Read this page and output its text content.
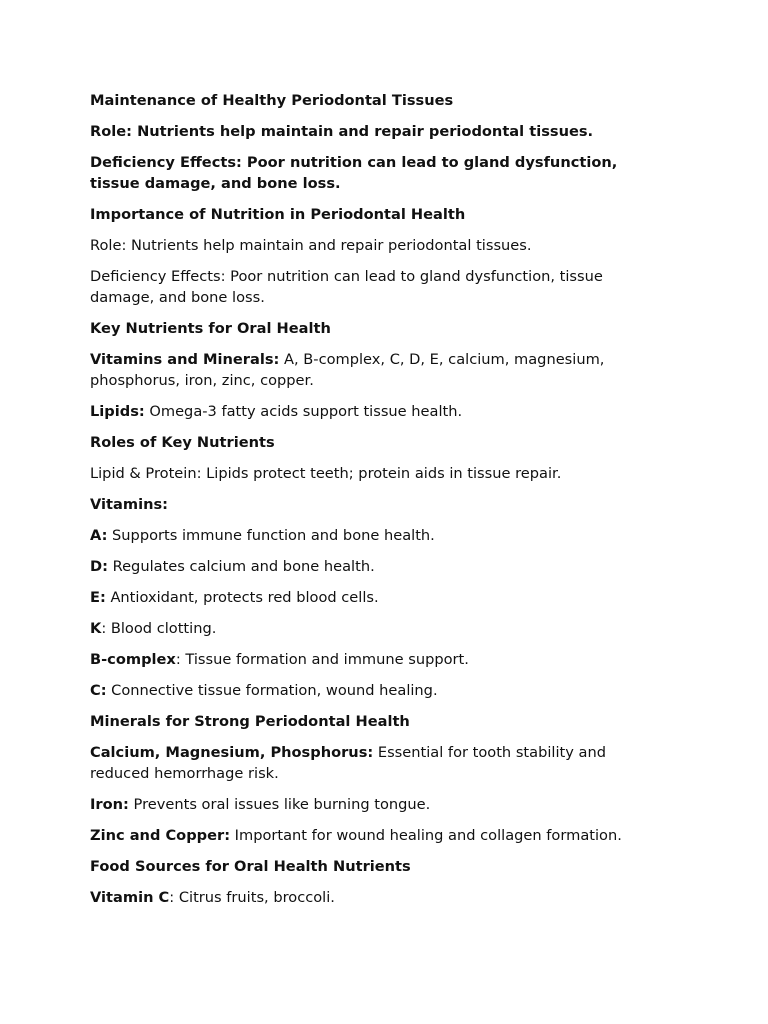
Maintenance of Healthy Periodontal Tissues

Role: Nutrients help maintain and repair periodontal tissues.

Deficiency Effects: Poor nutrition can lead to gland dysfunction, tissue damage, and bone loss.

Importance of Nutrition in Periodontal Health

Role: Nutrients help maintain and repair periodontal tissues.

Deficiency Effects: Poor nutrition can lead to gland dysfunction, tissue damage, and bone loss.

Key Nutrients for Oral Health

Vitamins and Minerals: A, B-complex, C, D, E, calcium, magnesium, phosphorus, iron, zinc, copper.

Lipids: Omega-3 fatty acids support tissue health.

Roles of Key Nutrients

Lipid & Protein: Lipids protect teeth; protein aids in tissue repair.

Vitamins:

A: Supports immune function and bone health.

D: Regulates calcium and bone health.

E: Antioxidant, protects red blood cells.

K: Blood clotting.

B-complex: Tissue formation and immune support.

C: Connective tissue formation, wound healing.

Minerals for Strong Periodontal Health

Calcium, Magnesium, Phosphorus: Essential for tooth stability and reduced hemorrhage risk.

Iron: Prevents oral issues like burning tongue.

Zinc and Copper: Important for wound healing and collagen formation.

Food Sources for Oral Health Nutrients

Vitamin C: Citrus fruits, broccoli.
